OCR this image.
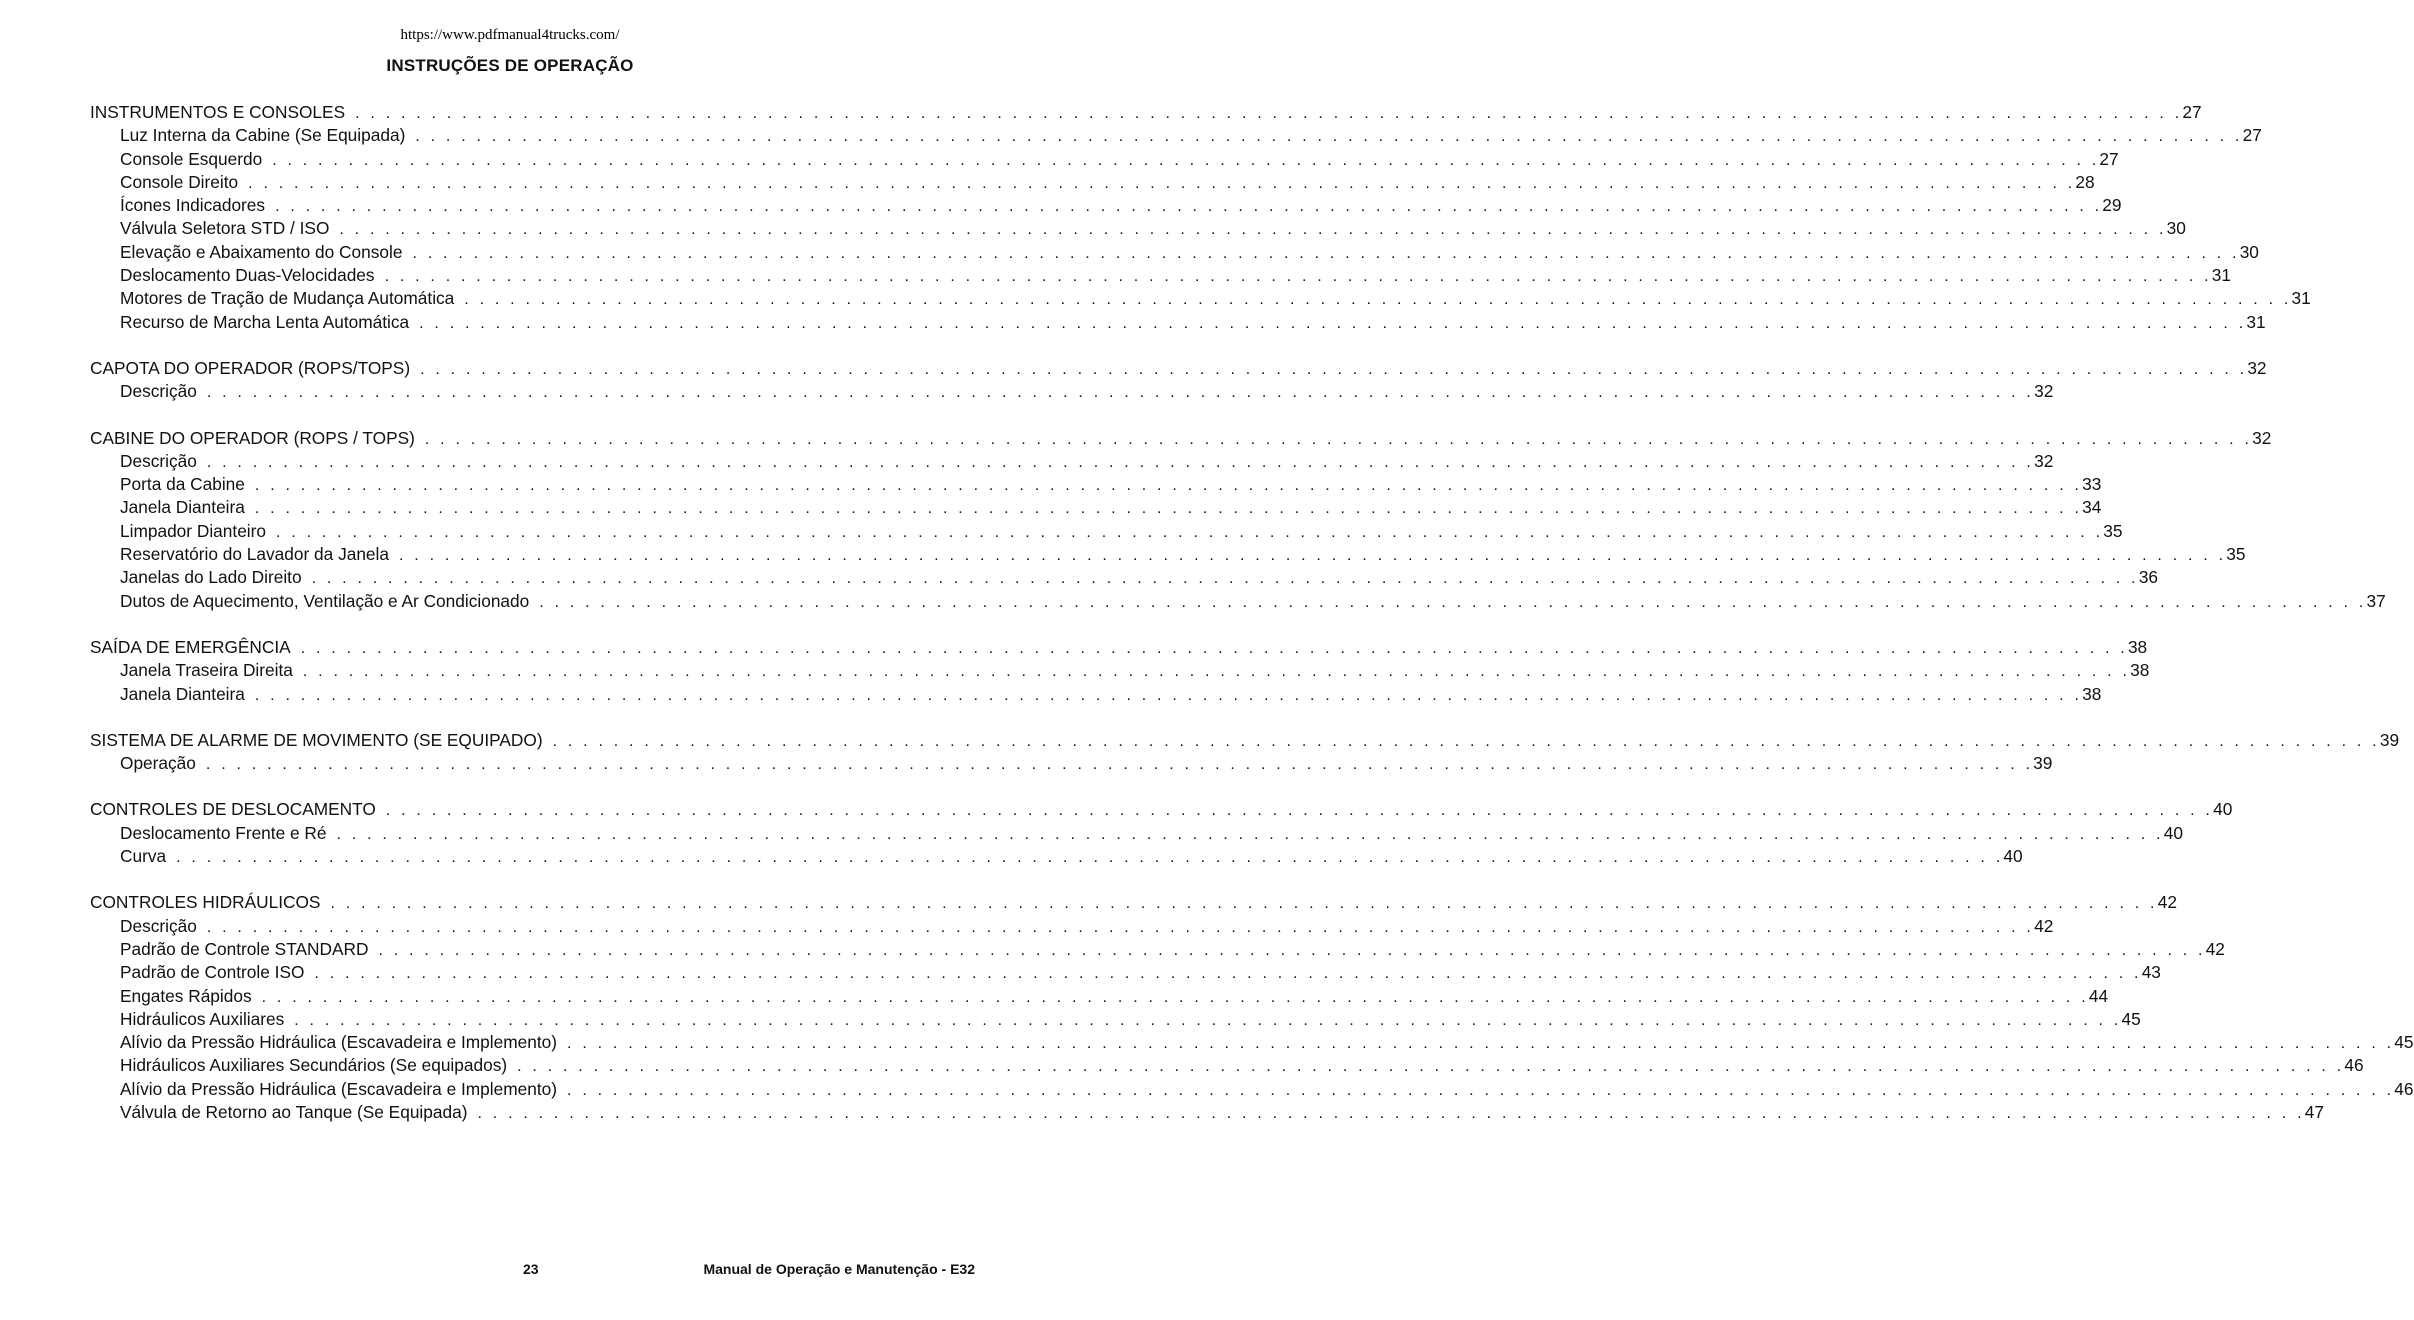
https://www.pdfmanual4trucks.com/
INSTRUÇÕES DE OPERAÇÃO
INSTRUMENTOS E CONSOLES . . . . . . . . . . . . . . . . . . . . . . . . . . . . . . . . . . . . . . . . . . . . . . . . . . . . . . . . . . . . . . . . . . . . . . . . . . . . . . . . . . . . . . . . . . . . . . . . . . . . . . . . . . . . . . . . . . . . . . . . 27
Luz Interna da Cabine (Se Equipada) . . . . . . . . . . . . . . . . . . . . . . . . . . . . . . . . . . . . . . . . . . . . . . . . . . . . . . . . . . . . . . . . . . . . . . . . . . . . . . . . . . . . . . . . . . . . . . . . . . . . . . . . . . . . . . . . . . . . . . . . 27
Console Esquerdo . . . . . . . . . . . . . . . . . . . . . . . . . . . . . . . . . . . . . . . . . . . . . . . . . . . . . . . . . . . . . . . . . . . . . . . . . . . . . . . . . . . . . . . . . . . . . . . . . . . . . . . . . . . . . . . . . . . . . . . . 27
Console Direito . . . . . . . . . . . . . . . . . . . . . . . . . . . . . . . . . . . . . . . . . . . . . . . . . . . . . . . . . . . . . . . . . . . . . . . . . . . . . . . . . . . . . . . . . . . . . . . . . . . . . . . . . . . . . . . . . . . . . . . . 28
Ícones Indicadores . . . . . . . . . . . . . . . . . . . . . . . . . . . . . . . . . . . . . . . . . . . . . . . . . . . . . . . . . . . . . . . . . . . . . . . . . . . . . . . . . . . . . . . . . . . . . . . . . . . . . . . . . . . . . . . . . . . . . . . . 29
Válvula Seletora STD / ISO . . . . . . . . . . . . . . . . . . . . . . . . . . . . . . . . . . . . . . . . . . . . . . . . . . . . . . . . . . . . . . . . . . . . . . . . . . . . . . . . . . . . . . . . . . . . . . . . . . . . . . . . . . . . . . . . . . . . . . . . 30
Elevação e Abaixamento do Console . . . . . . . . . . . . . . . . . . . . . . . . . . . . . . . . . . . . . . . . . . . . . . . . . . . . . . . . . . . . . . . . . . . . . . . . . . . . . . . . . . . . . . . . . . . . . . . . . . . . . . . . . . . . . . . . . . . . . . . . 30
Deslocamento Duas-Velocidades . . . . . . . . . . . . . . . . . . . . . . . . . . . . . . . . . . . . . . . . . . . . . . . . . . . . . . . . . . . . . . . . . . . . . . . . . . . . . . . . . . . . . . . . . . . . . . . . . . . . . . . . . . . . . . . . . . . . . . . . 31
Motores de Tração de Mudança Automática . . . . . . . . . . . . . . . . . . . . . . . . . . . . . . . . . . . . . . . . . . . . . . . . . . . . . . . . . . . . . . . . . . . . . . . . . . . . . . . . . . . . . . . . . . . . . . . . . . . . . . . . . . . . . . . . . . . . . . . . 31
Recurso de Marcha Lenta Automática . . . . . . . . . . . . . . . . . . . . . . . . . . . . . . . . . . . . . . . . . . . . . . . . . . . . . . . . . . . . . . . . . . . . . . . . . . . . . . . . . . . . . . . . . . . . . . . . . . . . . . . . . . . . . . . . . . . . . . . . 31
CAPOTA DO OPERADOR (ROPS/TOPS) . . . . . . . . . . . . . . . . . . . . . . . . . . . . . . . . . . . . . . . . . . . . . . . . . . . . . . . . . . . . . . . . . . . . . . . . . . . . . . . . . . . . . . . . . . . . . . . . . . . . . . . . . . . . . . . . . . . . . . . . 32
Descrição . . . . . . . . . . . . . . . . . . . . . . . . . . . . . . . . . . . . . . . . . . . . . . . . . . . . . . . . . . . . . . . . . . . . . . . . . . . . . . . . . . . . . . . . . . . . . . . . . . . . . . . . . . . . . . . . . . . . . . . . 32
CABINE DO OPERADOR (ROPS / TOPS) . . . . . . . . . . . . . . . . . . . . . . . . . . . . . . . . . . . . . . . . . . . . . . . . . . . . . . . . . . . . . . . . . . . . . . . . . . . . . . . . . . . . . . . . . . . . . . . . . . . . . . . . . . . . . . . . . . . . . . . . 32
Descrição . . . . . . . . . . . . . . . . . . . . . . . . . . . . . . . . . . . . . . . . . . . . . . . . . . . . . . . . . . . . . . . . . . . . . . . . . . . . . . . . . . . . . . . . . . . . . . . . . . . . . . . . . . . . . . . . . . . . . . . . 32
Porta da Cabine . . . . . . . . . . . . . . . . . . . . . . . . . . . . . . . . . . . . . . . . . . . . . . . . . . . . . . . . . . . . . . . . . . . . . . . . . . . . . . . . . . . . . . . . . . . . . . . . . . . . . . . . . . . . . . . . . . . . . . . . 33
Janela Dianteira . . . . . . . . . . . . . . . . . . . . . . . . . . . . . . . . . . . . . . . . . . . . . . . . . . . . . . . . . . . . . . . . . . . . . . . . . . . . . . . . . . . . . . . . . . . . . . . . . . . . . . . . . . . . . . . . . . . . . . . . 34
Limpador Dianteiro . . . . . . . . . . . . . . . . . . . . . . . . . . . . . . . . . . . . . . . . . . . . . . . . . . . . . . . . . . . . . . . . . . . . . . . . . . . . . . . . . . . . . . . . . . . . . . . . . . . . . . . . . . . . . . . . . . . . . . . . 35
Reservatório do Lavador da Janela . . . . . . . . . . . . . . . . . . . . . . . . . . . . . . . . . . . . . . . . . . . . . . . . . . . . . . . . . . . . . . . . . . . . . . . . . . . . . . . . . . . . . . . . . . . . . . . . . . . . . . . . . . . . . . . . . . . . . . . . 35
Janelas do Lado Direito . . . . . . . . . . . . . . . . . . . . . . . . . . . . . . . . . . . . . . . . . . . . . . . . . . . . . . . . . . . . . . . . . . . . . . . . . . . . . . . . . . . . . . . . . . . . . . . . . . . . . . . . . . . . . . . . . . . . . . . . 36
Dutos de Aquecimento, Ventilação e Ar Condicionado . . . . . . . . . . . . . . . . . . . . . . . . . . . . . . . . . . . . . . . . . . . . . . . . . . . . . . . . . . . . . . . . . . . . . . . . . . . . . . . . . . . . . . . . . . . . . . . . . . . . . . . . . . . . . . . . . . . . . . . . 37
SAÍDA DE EMERGÊNCIA . . . . . . . . . . . . . . . . . . . . . . . . . . . . . . . . . . . . . . . . . . . . . . . . . . . . . . . . . . . . . . . . . . . . . . . . . . . . . . . . . . . . . . . . . . . . . . . . . . . . . . . . . . . . . . . . . . . . . . . . 38
Janela Traseira Direita . . . . . . . . . . . . . . . . . . . . . . . . . . . . . . . . . . . . . . . . . . . . . . . . . . . . . . . . . . . . . . . . . . . . . . . . . . . . . . . . . . . . . . . . . . . . . . . . . . . . . . . . . . . . . . . . . . . . . . . . 38
Janela Dianteira . . . . . . . . . . . . . . . . . . . . . . . . . . . . . . . . . . . . . . . . . . . . . . . . . . . . . . . . . . . . . . . . . . . . . . . . . . . . . . . . . . . . . . . . . . . . . . . . . . . . . . . . . . . . . . . . . . . . . . . . 38
SISTEMA DE ALARME DE MOVIMENTO (SE EQUIPADO) . . . . . . . . . . . . . . . . . . . . . . . . . . . . . . . . . . . . . . . . . . . . . . . . . . . . . . . . . . . . . . . . . . . . . . . . . . . . . . . . . . . . . . . . . . . . . . . . . . . . . . . . . . . . . . . . . . . . . . . . 39
Operação . . . . . . . . . . . . . . . . . . . . . . . . . . . . . . . . . . . . . . . . . . . . . . . . . . . . . . . . . . . . . . . . . . . . . . . . . . . . . . . . . . . . . . . . . . . . . . . . . . . . . . . . . . . . . . . . . . . . . . . . 39
CONTROLES DE DESLOCAMENTO . . . . . . . . . . . . . . . . . . . . . . . . . . . . . . . . . . . . . . . . . . . . . . . . . . . . . . . . . . . . . . . . . . . . . . . . . . . . . . . . . . . . . . . . . . . . . . . . . . . . . . . . . . . . . . . . . . . . . . . . 40
Deslocamento Frente e Ré . . . . . . . . . . . . . . . . . . . . . . . . . . . . . . . . . . . . . . . . . . . . . . . . . . . . . . . . . . . . . . . . . . . . . . . . . . . . . . . . . . . . . . . . . . . . . . . . . . . . . . . . . . . . . . . . . . . . . . . . 40
Curva . . . . . . . . . . . . . . . . . . . . . . . . . . . . . . . . . . . . . . . . . . . . . . . . . . . . . . . . . . . . . . . . . . . . . . . . . . . . . . . . . . . . . . . . . . . . . . . . . . . . . . . . . . . . . . . . . . . . . . . . 40
CONTROLES HIDRÁULICOS . . . . . . . . . . . . . . . . . . . . . . . . . . . . . . . . . . . . . . . . . . . . . . . . . . . . . . . . . . . . . . . . . . . . . . . . . . . . . . . . . . . . . . . . . . . . . . . . . . . . . . . . . . . . . . . . . . . . . . . . 42
Descrição . . . . . . . . . . . . . . . . . . . . . . . . . . . . . . . . . . . . . . . . . . . . . . . . . . . . . . . . . . . . . . . . . . . . . . . . . . . . . . . . . . . . . . . . . . . . . . . . . . . . . . . . . . . . . . . . . . . . . . . . 42
Padrão de Controle STANDARD . . . . . . . . . . . . . . . . . . . . . . . . . . . . . . . . . . . . . . . . . . . . . . . . . . . . . . . . . . . . . . . . . . . . . . . . . . . . . . . . . . . . . . . . . . . . . . . . . . . . . . . . . . . . . . . . . . . . . . . . 42
Padrão de Controle ISO . . . . . . . . . . . . . . . . . . . . . . . . . . . . . . . . . . . . . . . . . . . . . . . . . . . . . . . . . . . . . . . . . . . . . . . . . . . . . . . . . . . . . . . . . . . . . . . . . . . . . . . . . . . . . . . . . . . . . . . . 43
Engates Rápidos . . . . . . . . . . . . . . . . . . . . . . . . . . . . . . . . . . . . . . . . . . . . . . . . . . . . . . . . . . . . . . . . . . . . . . . . . . . . . . . . . . . . . . . . . . . . . . . . . . . . . . . . . . . . . . . . . . . . . . . . 44
Hidráulicos Auxiliares . . . . . . . . . . . . . . . . . . . . . . . . . . . . . . . . . . . . . . . . . . . . . . . . . . . . . . . . . . . . . . . . . . . . . . . . . . . . . . . . . . . . . . . . . . . . . . . . . . . . . . . . . . . . . . . . . . . . . . . . 45
Alívio da Pressão Hidráulica (Escavadeira e Implemento) . . . . . . . . . . . . . . . . . . . . . . . . . . . . . . . . . . . . . . . . . . . . . . . . . . . . . . . . . . . . . . . . . . . . . . . . . . . . . . . . . . . . . . . . . . . . . . . . . . . . . . . . . . . . . . . . . . . . . . . . 45
Hidráulicos Auxiliares Secundários (Se equipados) . . . . . . . . . . . . . . . . . . . . . . . . . . . . . . . . . . . . . . . . . . . . . . . . . . . . . . . . . . . . . . . . . . . . . . . . . . . . . . . . . . . . . . . . . . . . . . . . . . . . . . . . . . . . . . . . . . . . . . . . 46
Alívio da Pressão Hidráulica (Escavadeira e Implemento) . . . . . . . . . . . . . . . . . . . . . . . . . . . . . . . . . . . . . . . . . . . . . . . . . . . . . . . . . . . . . . . . . . . . . . . . . . . . . . . . . . . . . . . . . . . . . . . . . . . . . . . . . . . . . . . . . . . . . . . . 46
Válvula de Retorno ao Tanque (Se Equipada) . . . . . . . . . . . . . . . . . . . . . . . . . . . . . . . . . . . . . . . . . . . . . . . . . . . . . . . . . . . . . . . . . . . . . . . . . . . . . . . . . . . . . . . . . . . . . . . . . . . . . . . . . . . . . . . . . . . . . . . . 47
23	Manual de Operação e Manutenção - E32
